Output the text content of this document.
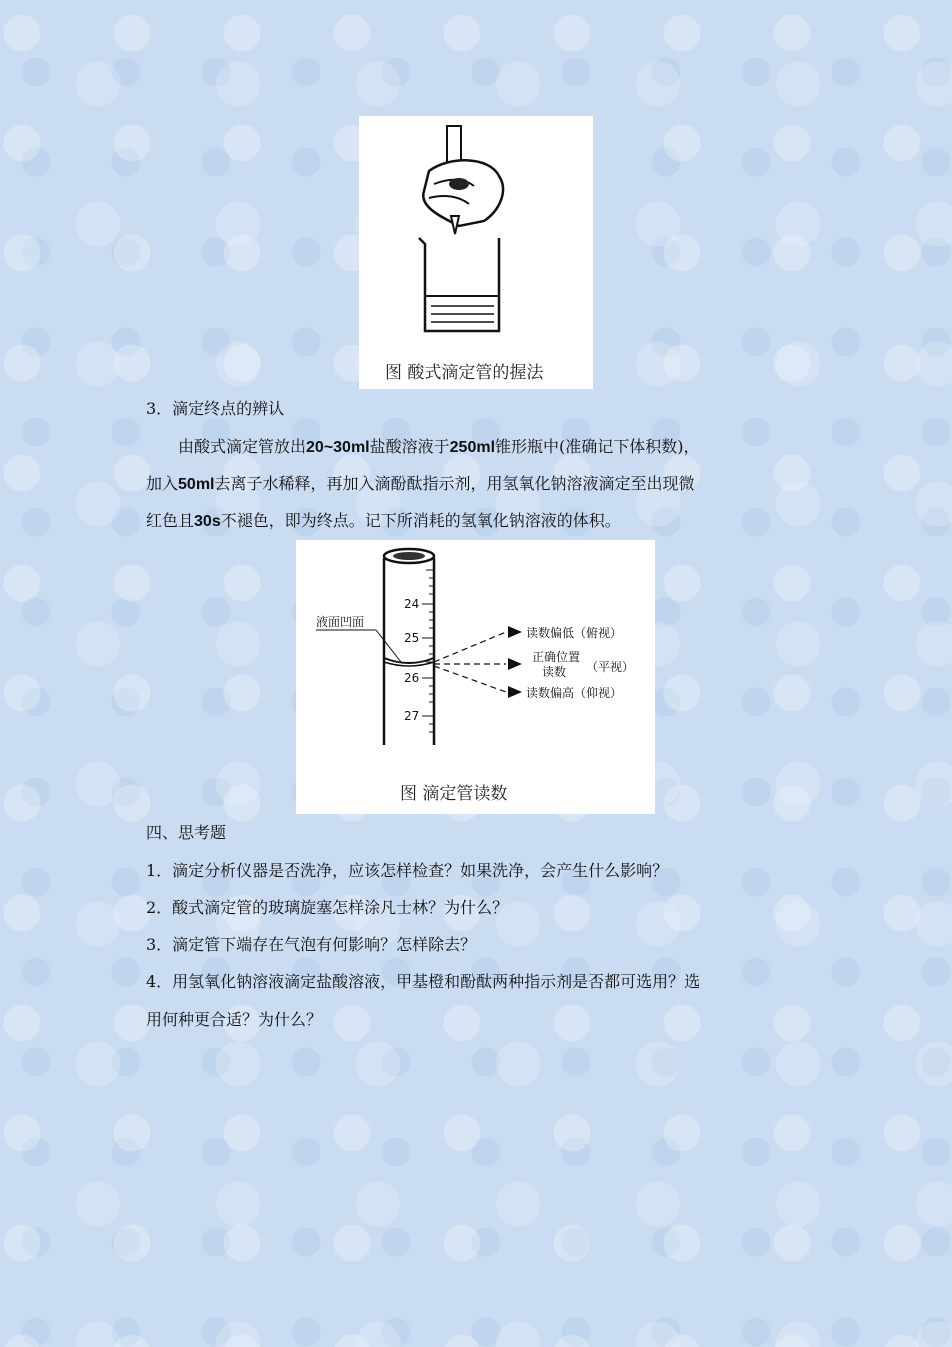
图 酸式滴定管的握法
3．滴定终点的辨认
由酸式滴定管放出20~30ml盐酸溶液于250ml锥形瓶中(准确记下体积数)，
加入50ml去离子水稀释，再加入滴酚酞指示剂，用氢氧化钠溶液滴定至出现微
红色且30s不褪色，即为终点。记下所消耗的氢氧化钠溶液的体积。
24
25
26
27
液面凹面
读数偏低（俯视）
正确位置
读数 （平视）
读数偏高（仰视）
图 滴定管读数
四、思考题
1．滴定分析仪器是否洗净，应该怎样检查？如果洗净，会产生什么影响？
2．酸式滴定管的玻璃旋塞怎样涂凡士林？为什么？
3．滴定管下端存在气泡有何影响？怎样除去？
4．用氢氧化钠溶液滴定盐酸溶液，甲基橙和酚酞两种指示剂是否都可选用？选
用何种更合适？为什么？
